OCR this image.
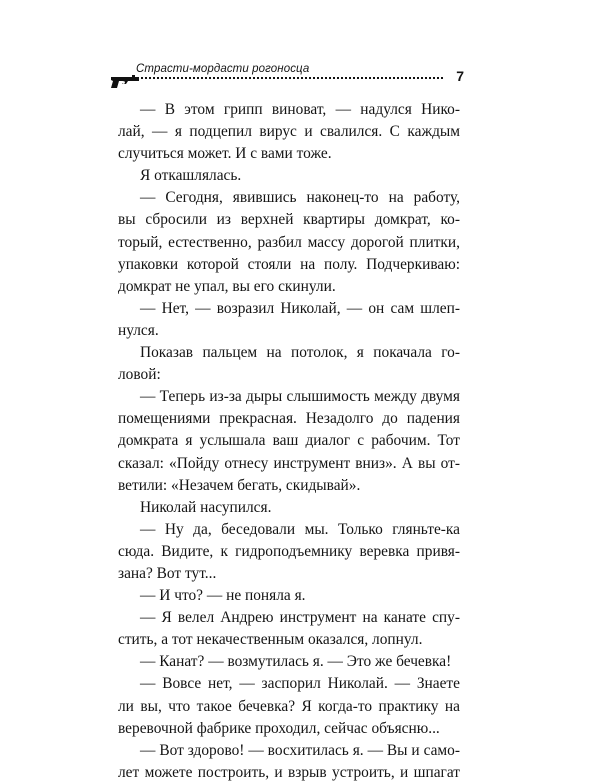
Страсти-мордасти рогоносца	7
— В этом грипп виноват, — надулся Нико-
лай, — я подцепил вирус и свалился. С каждым
случиться может. И с вами тоже.
Я откашлялась.
— Сегодня, явившись наконец-то на работу,
вы сбросили из верхней квартиры домкрат, ко-
торый, естественно, разбил массу дорогой плитки,
упаковки которой стояли на полу. Подчеркиваю:
домкрат не упал, вы его скинули.
— Нет, — возразил Николай, — он сам шлеп-
нулся.
Показав пальцем на потолок, я покачала го-
ловой:
— Теперь из-за дыры слышимость между двумя
помещениями прекрасная. Незадолго до падения
домкрата я услышала ваш диалог с рабочим. Тот
сказал: «Пойду отнесу инструмент вниз». А вы от-
ветили: «Незачем бегать, скидывай».
Николай насупился.
— Ну да, беседовали мы. Только гляньте-ка
сюда. Видите, к гидроподъемнику веревка привя-
зана? Вот тут...
— И что? — не поняла я.
— Я велел Андрею инструмент на канате спу-
стить, а тот некачественным оказался, лопнул.
— Канат? — возмутилась я. — Это же бечевка!
— Вовсе нет, — заспорил Николай. — Знаете
ли вы, что такое бечевка? Я когда-то практику на
веревочной фабрике проходил, сейчас объясню...
— Вот здорово! — восхитилась я. — Вы и само-
лет можете построить, и взрыв устроить, и шпагат
